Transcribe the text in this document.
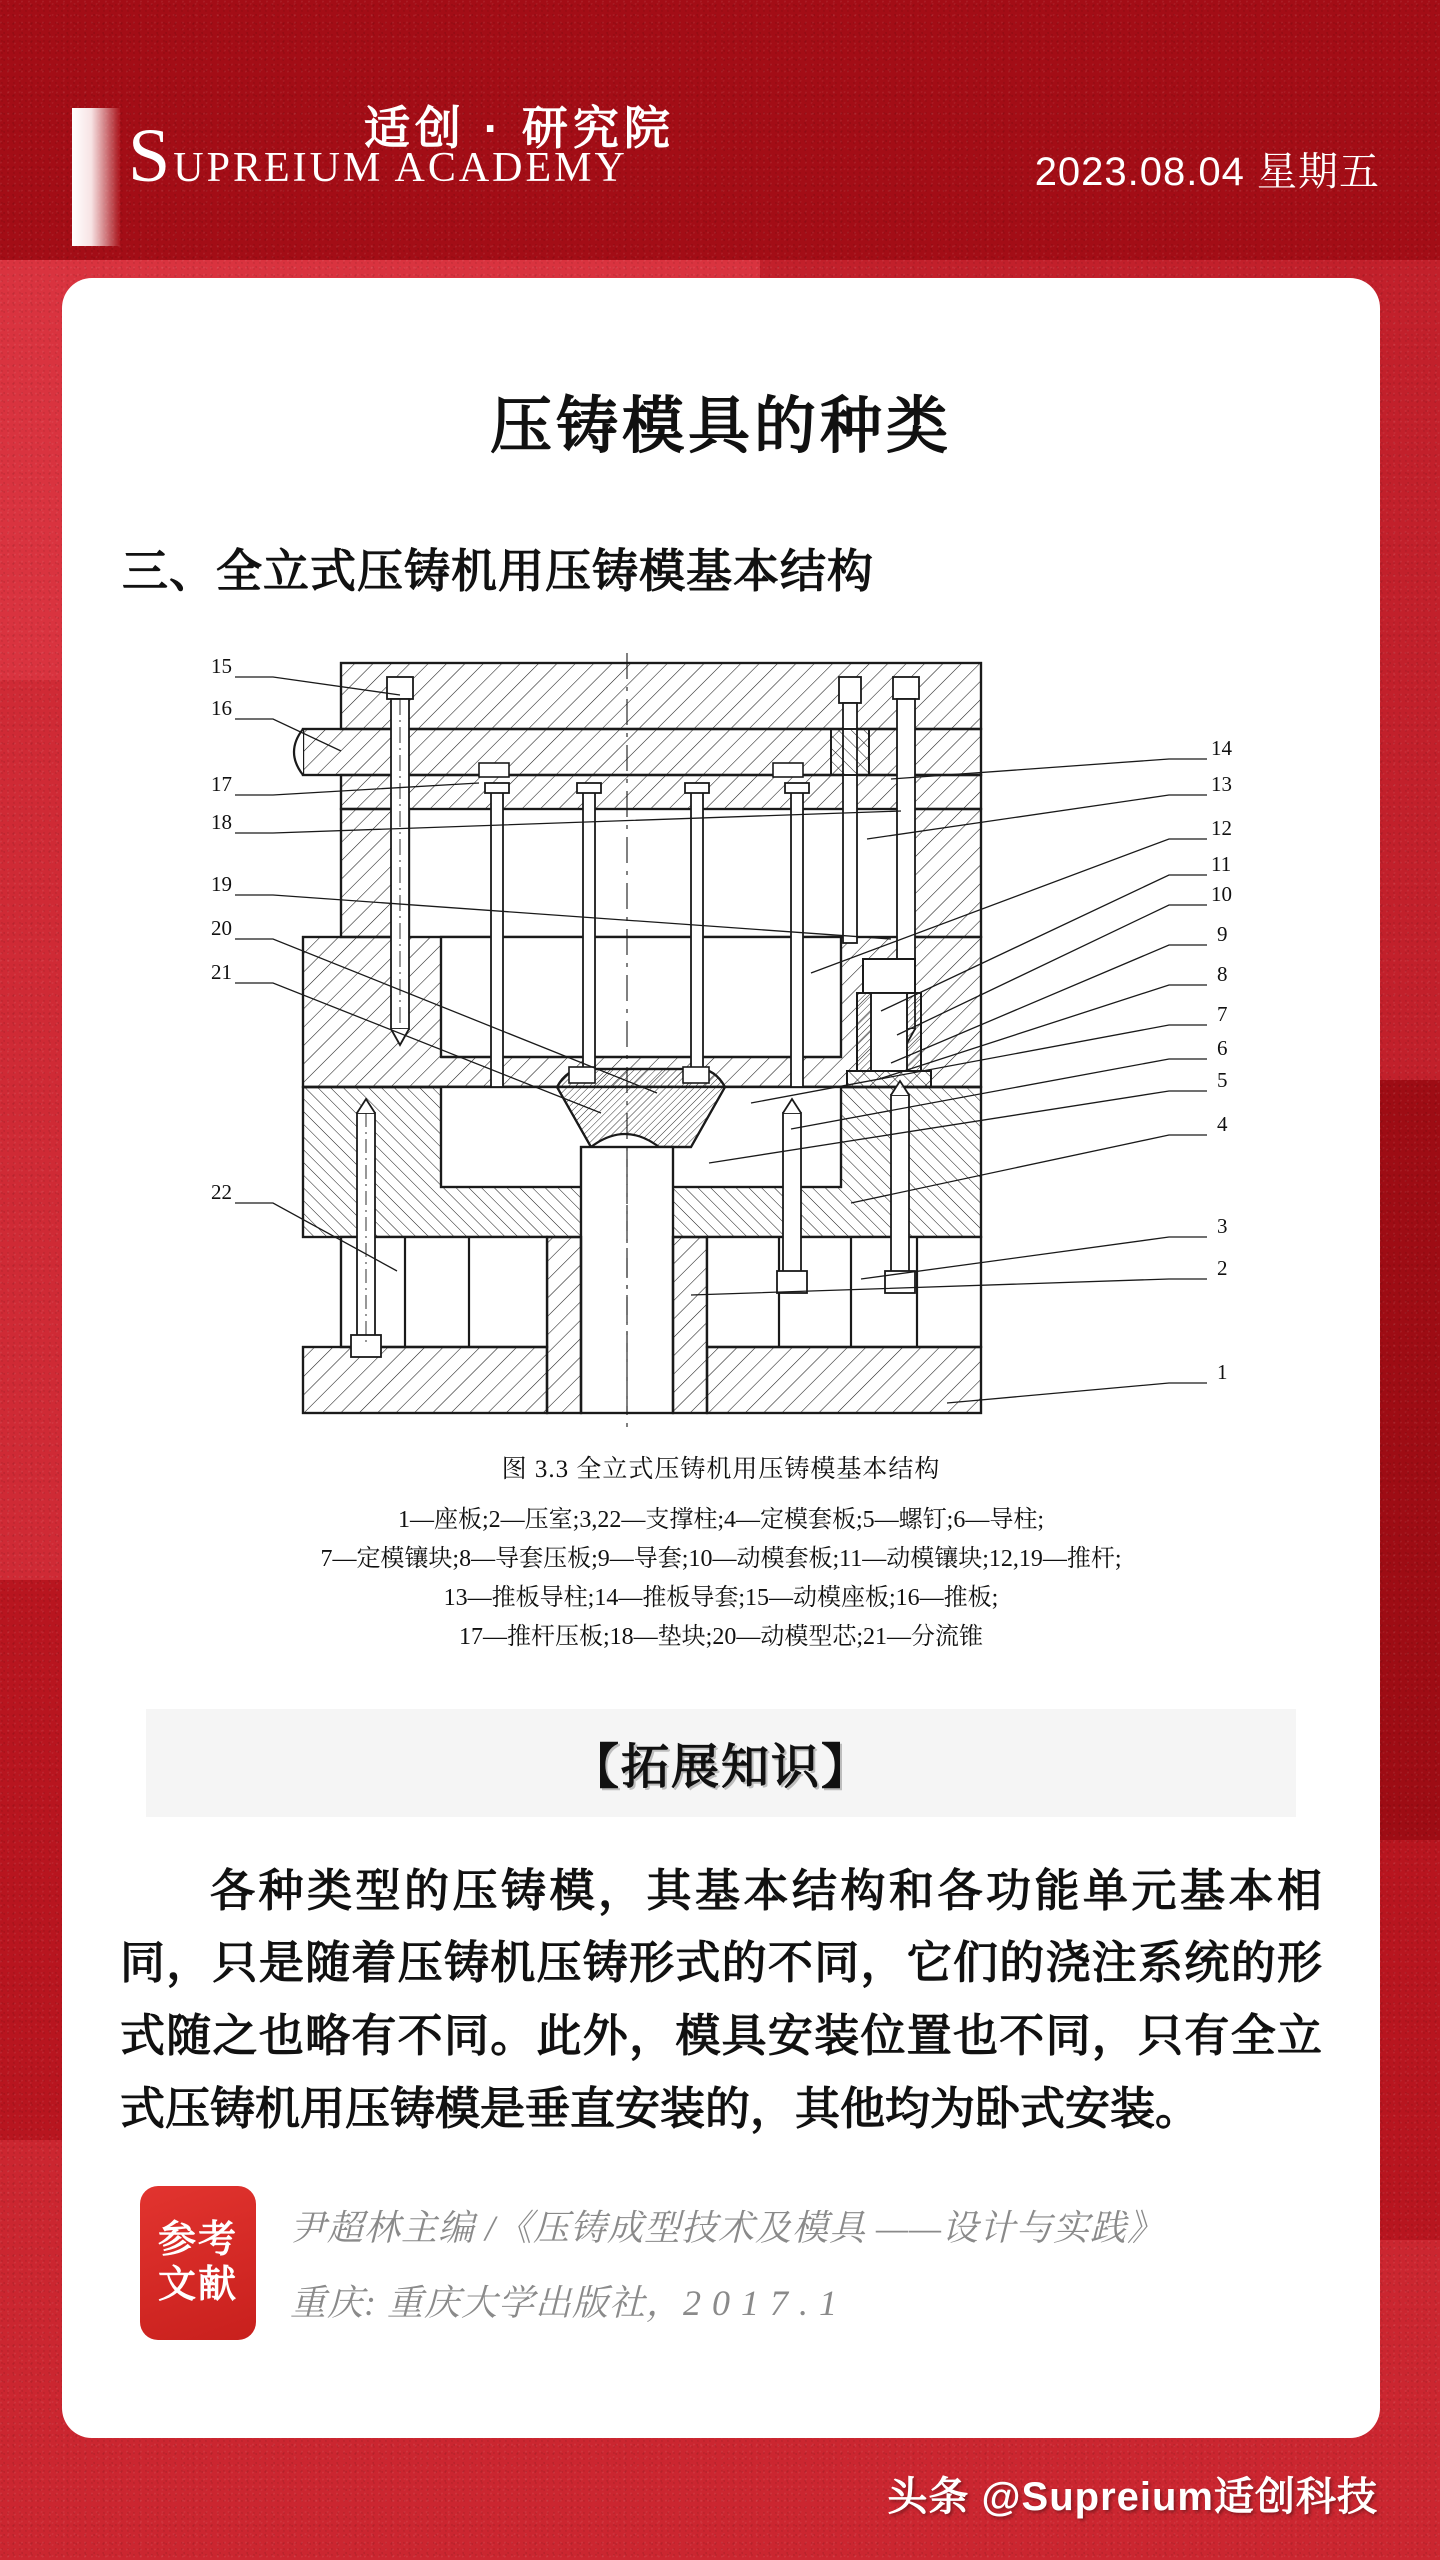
适创 · 研究院
SUPREIUM ACADEMY	2023.08.04 星期五
压铸模具的种类
三、全立式压铸机用压铸模基本结构
15
16
17
18
19
20
21
22
14
13
12
11
10
9
8
7
6
5
4
3
2
1
图 3.3 全立式压铸机用压铸模基本结构
1—座板;2—压室;3,22—支撑柱;4—定模套板;5—螺钉;6—导柱;
7—定模镶块;8—导套压板;9—导套;10—动模套板;11—动模镶块;12,19—推杆;
13—推板导柱;14—推板导套;15—动模座板;16—推板;
17—推杆压板;18—垫块;20—动模型芯;21—分流锥
【拓展知识】
各种类型的压铸模，其基本结构和各功能单元基本相同，只是随着压铸机压铸形式的不同，它们的浇注系统的形式随之也略有不同。此外，模具安装位置也不同，只有全立式压铸机用压铸模是垂直安装的，其他均为卧式安装。
参考
文献
尹超林主编 /《压铸成型技术及模具 ——设计与实践》
重庆: 重庆大学出版社，2 0 1 7 . 1
头条 @Supreium适创科技
